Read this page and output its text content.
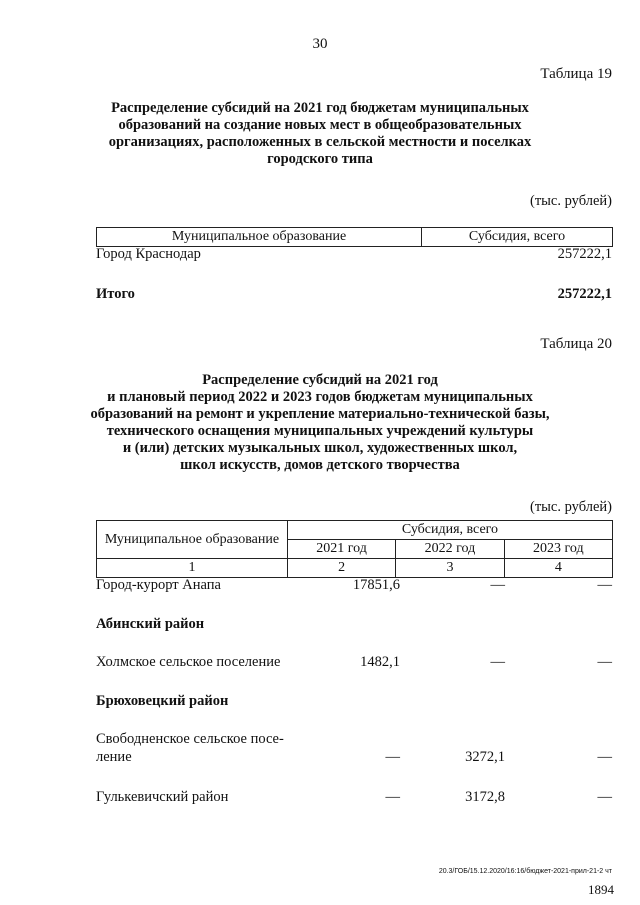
30
Таблица 19
Распределение субсидий на 2021 год бюджетам муниципальных
образований на создание новых мест в общеобразовательных
организациях, расположенных в сельской местности и поселках
городского типа
(тыс. рублей)
Муниципальное образование	Субсидия, всего
Город Краснодар	257222,1
Итого	257222,1
Таблица 20
Распределение субсидий на 2021 год
и плановый период 2022 и 2023 годов бюджетам муниципальных
образований на ремонт и укрепление материально-технической базы,
технического оснащения муниципальных учреждений культуры
и (или) детских музыкальных школ, художественных школ,
школ искусств, домов детского творчества
(тыс. рублей)
Муниципальное образование	Субсидия, всего		
	2021 год	2022 год	2023 год
1	2	3	4
Город-курорт Анапа	17851,6	—	—
Абинский район
Холмское сельское поселение	1482,1	—	—
Брюховецкий район
Свободненское сельское посе-
ление	—	3272,1	—
Гулькевичский район	—	3172,8	—
20.3/ГОБ/15.12.2020/16:16/бюджет-2021-прил-21-2 чт
1894
